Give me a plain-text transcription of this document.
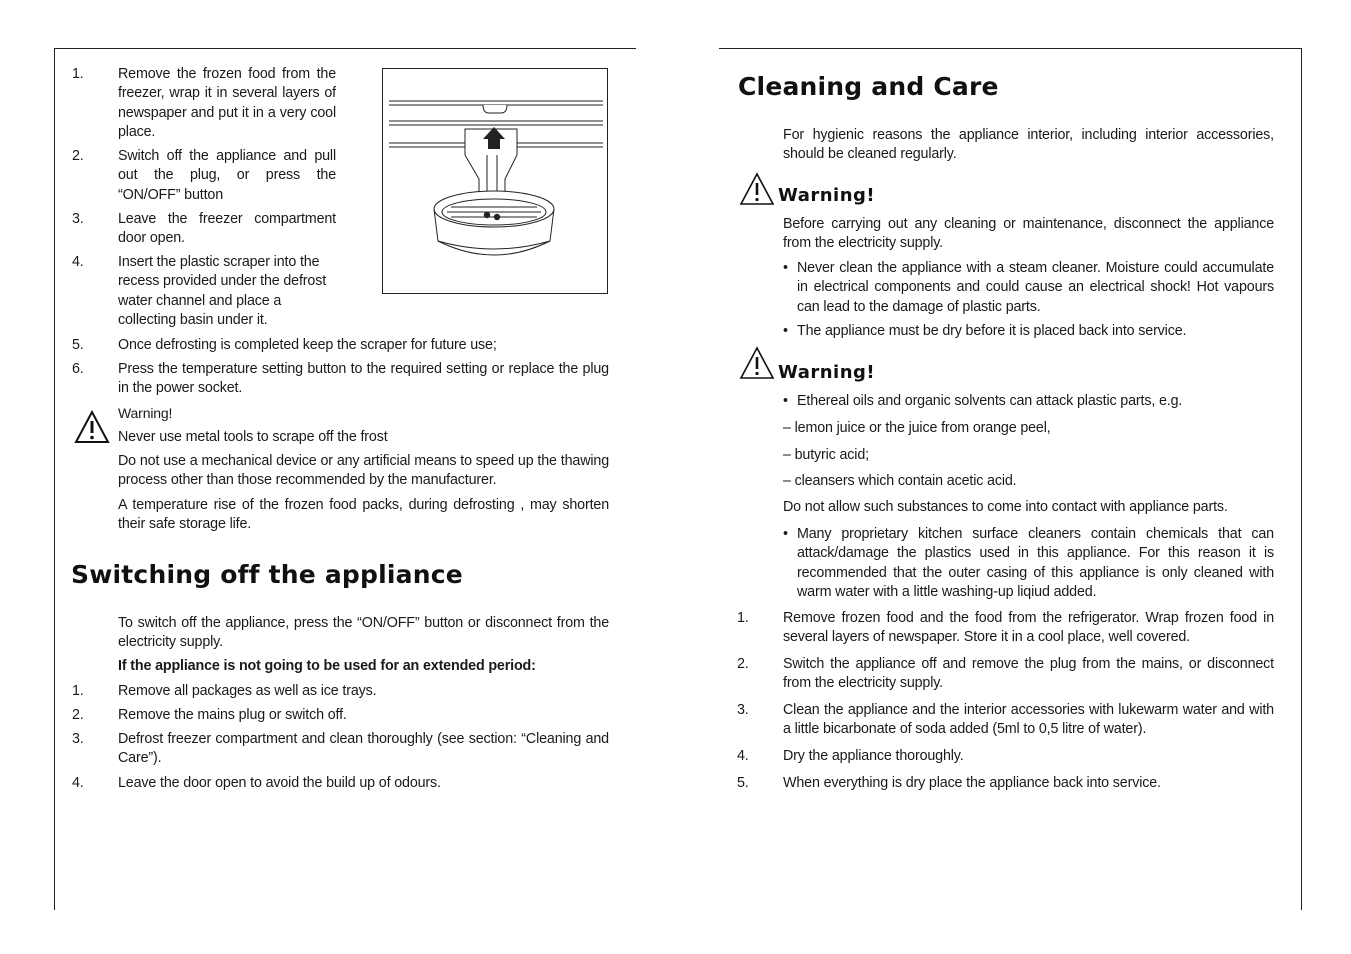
1. Remove the frozen food from the freezer, wrap it in several layers of newspaper and put it in a very cool place.
2. Switch off the appliance and pull out the plug, or press the “ON/OFF” button
3. Leave the freezer compartment door open.
4. Insert the plastic scraper into the recess provided under the defrost water channel and place a collecting basin under it.
5. Once defrosting is completed keep the scraper for future use;
6. Press the temperature setting button to the required setting or replace the plug in the power socket.
Warning!
Never use metal tools to scrape off the frost
Do not use a mechanical device or any artificial means to speed up the thawing process other than those recommended by the manufacturer.
A temperature rise of the frozen food packs, during defrosting , may shorten their safe storage life.
Switching off the appliance
To switch off the appliance, press the “ON/OFF” button or disconnect from the electricity supply.
If the appliance is not going to be used for an extended period:
1. Remove all packages as well as ice trays.
2. Remove the mains plug or switch off.
3. Defrost freezer compartment and clean thoroughly (see section: “Cleaning and Care”).
4. Leave the door open to avoid the build up of odours.
Cleaning and Care
For hygienic reasons the appliance interior, including interior accessories, should be cleaned regularly.
Warning!
Before carrying out any cleaning or maintenance, disconnect the appliance from the electricity supply.
• Never clean the appliance with a steam cleaner. Moisture could accumulate in electrical components and could cause an electrical shock! Hot vapours can lead to the damage of plastic parts.
• The appliance must be dry before it is placed back into service.
Warning!
• Ethereal oils and organic solvents can attack plastic parts, e.g.
– lemon juice or the juice from orange peel,
– butyric acid;
– cleansers which contain acetic acid.
Do not allow such substances to come into contact with appliance parts.
• Many proprietary kitchen surface cleaners contain chemicals that can attack/damage the plastics used in this appliance. For this reason it is recommended that the outer casing of this appliance is only cleaned with warm water with a little washing-up liqiud added.
1. Remove frozen food and the food from the refrigerator. Wrap frozen food in several layers of newspaper. Store it in a cool place, well covered.
2. Switch the appliance off and remove the plug from the mains, or disconnect from the electricity supply.
3. Clean the appliance and the interior accessories with lukewarm water and with a little bicarbonate of soda added (5ml to 0,5 litre of water).
4. Dry the appliance thoroughly.
5. When everything is dry place the appliance back into service.
